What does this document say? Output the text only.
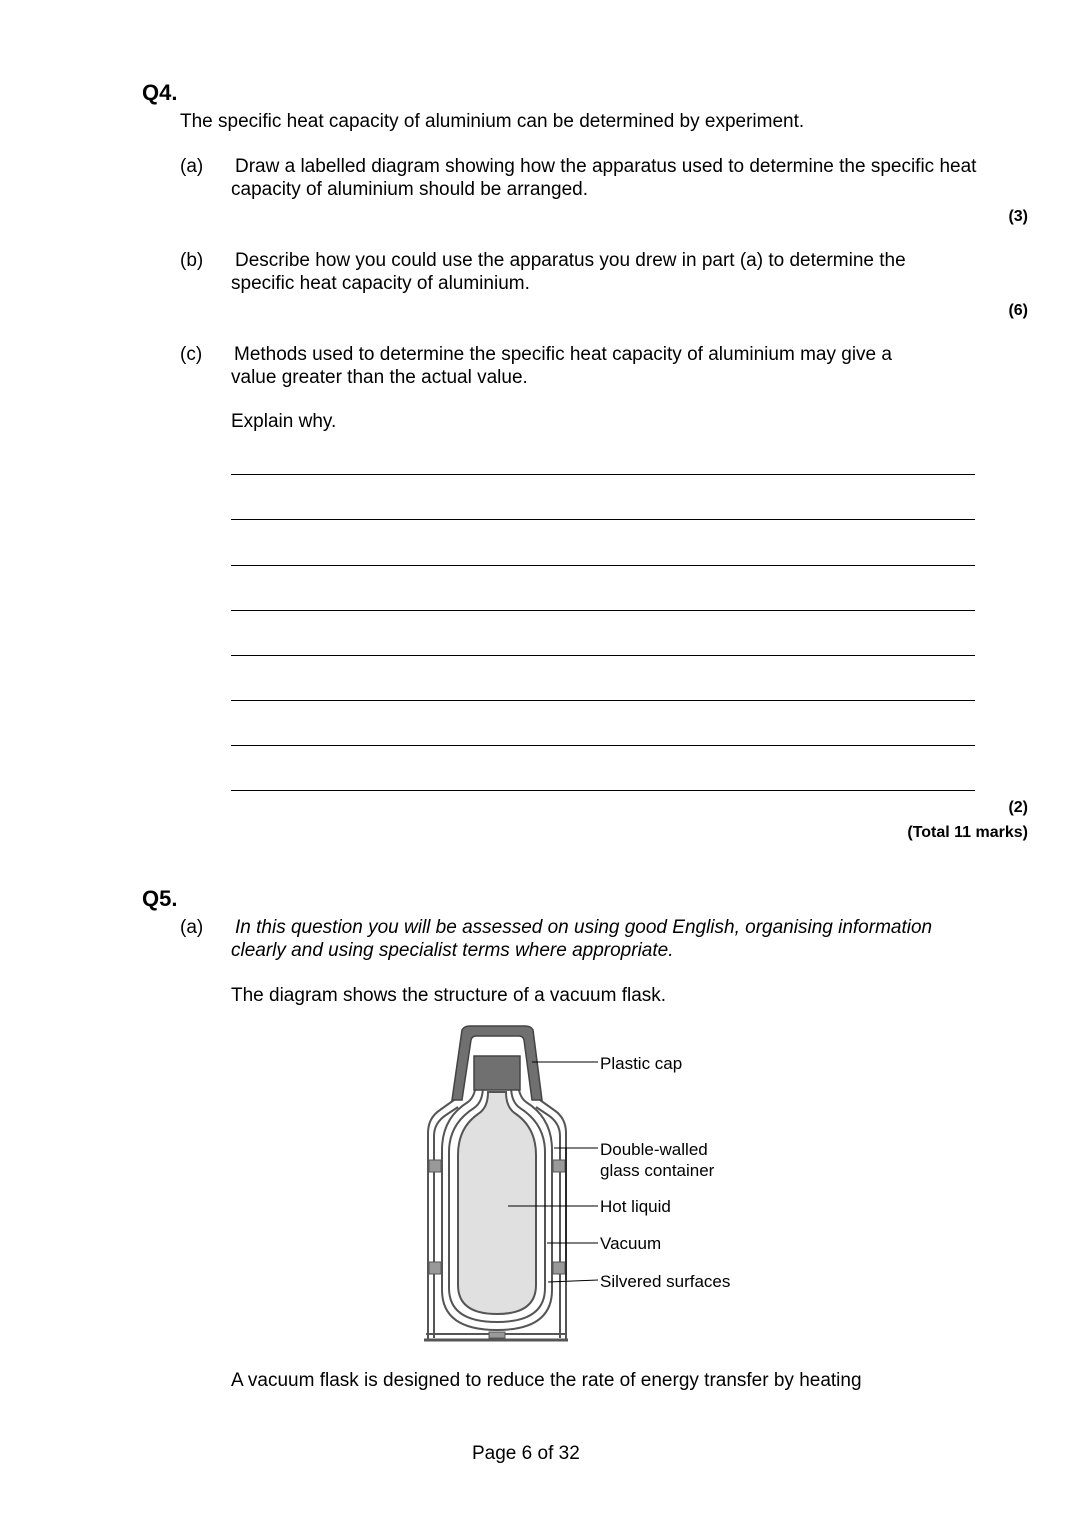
Q4.
The specific heat capacity of aluminium can be determined by experiment.
(a) Draw a labelled diagram showing how the apparatus used to determine the specific heat capacity of aluminium should be arranged.
(3)
(b) Describe how you could use the apparatus you drew in part (a) to determine the specific heat capacity of aluminium.
(6)
(c) Methods used to determine the specific heat capacity of aluminium may give a value greater than the actual value.
Explain why.
(2)
(Total 11 marks)
Q5.
(a) In this question you will be assessed on using good English, organising information clearly and using specialist terms where appropriate.
The diagram shows the structure of a vacuum flask.
Plastic cap
Double-walled
glass container
Hot liquid
Vacuum
Silvered surfaces
A vacuum flask is designed to reduce the rate of energy transfer by heating
Page 6 of 32
